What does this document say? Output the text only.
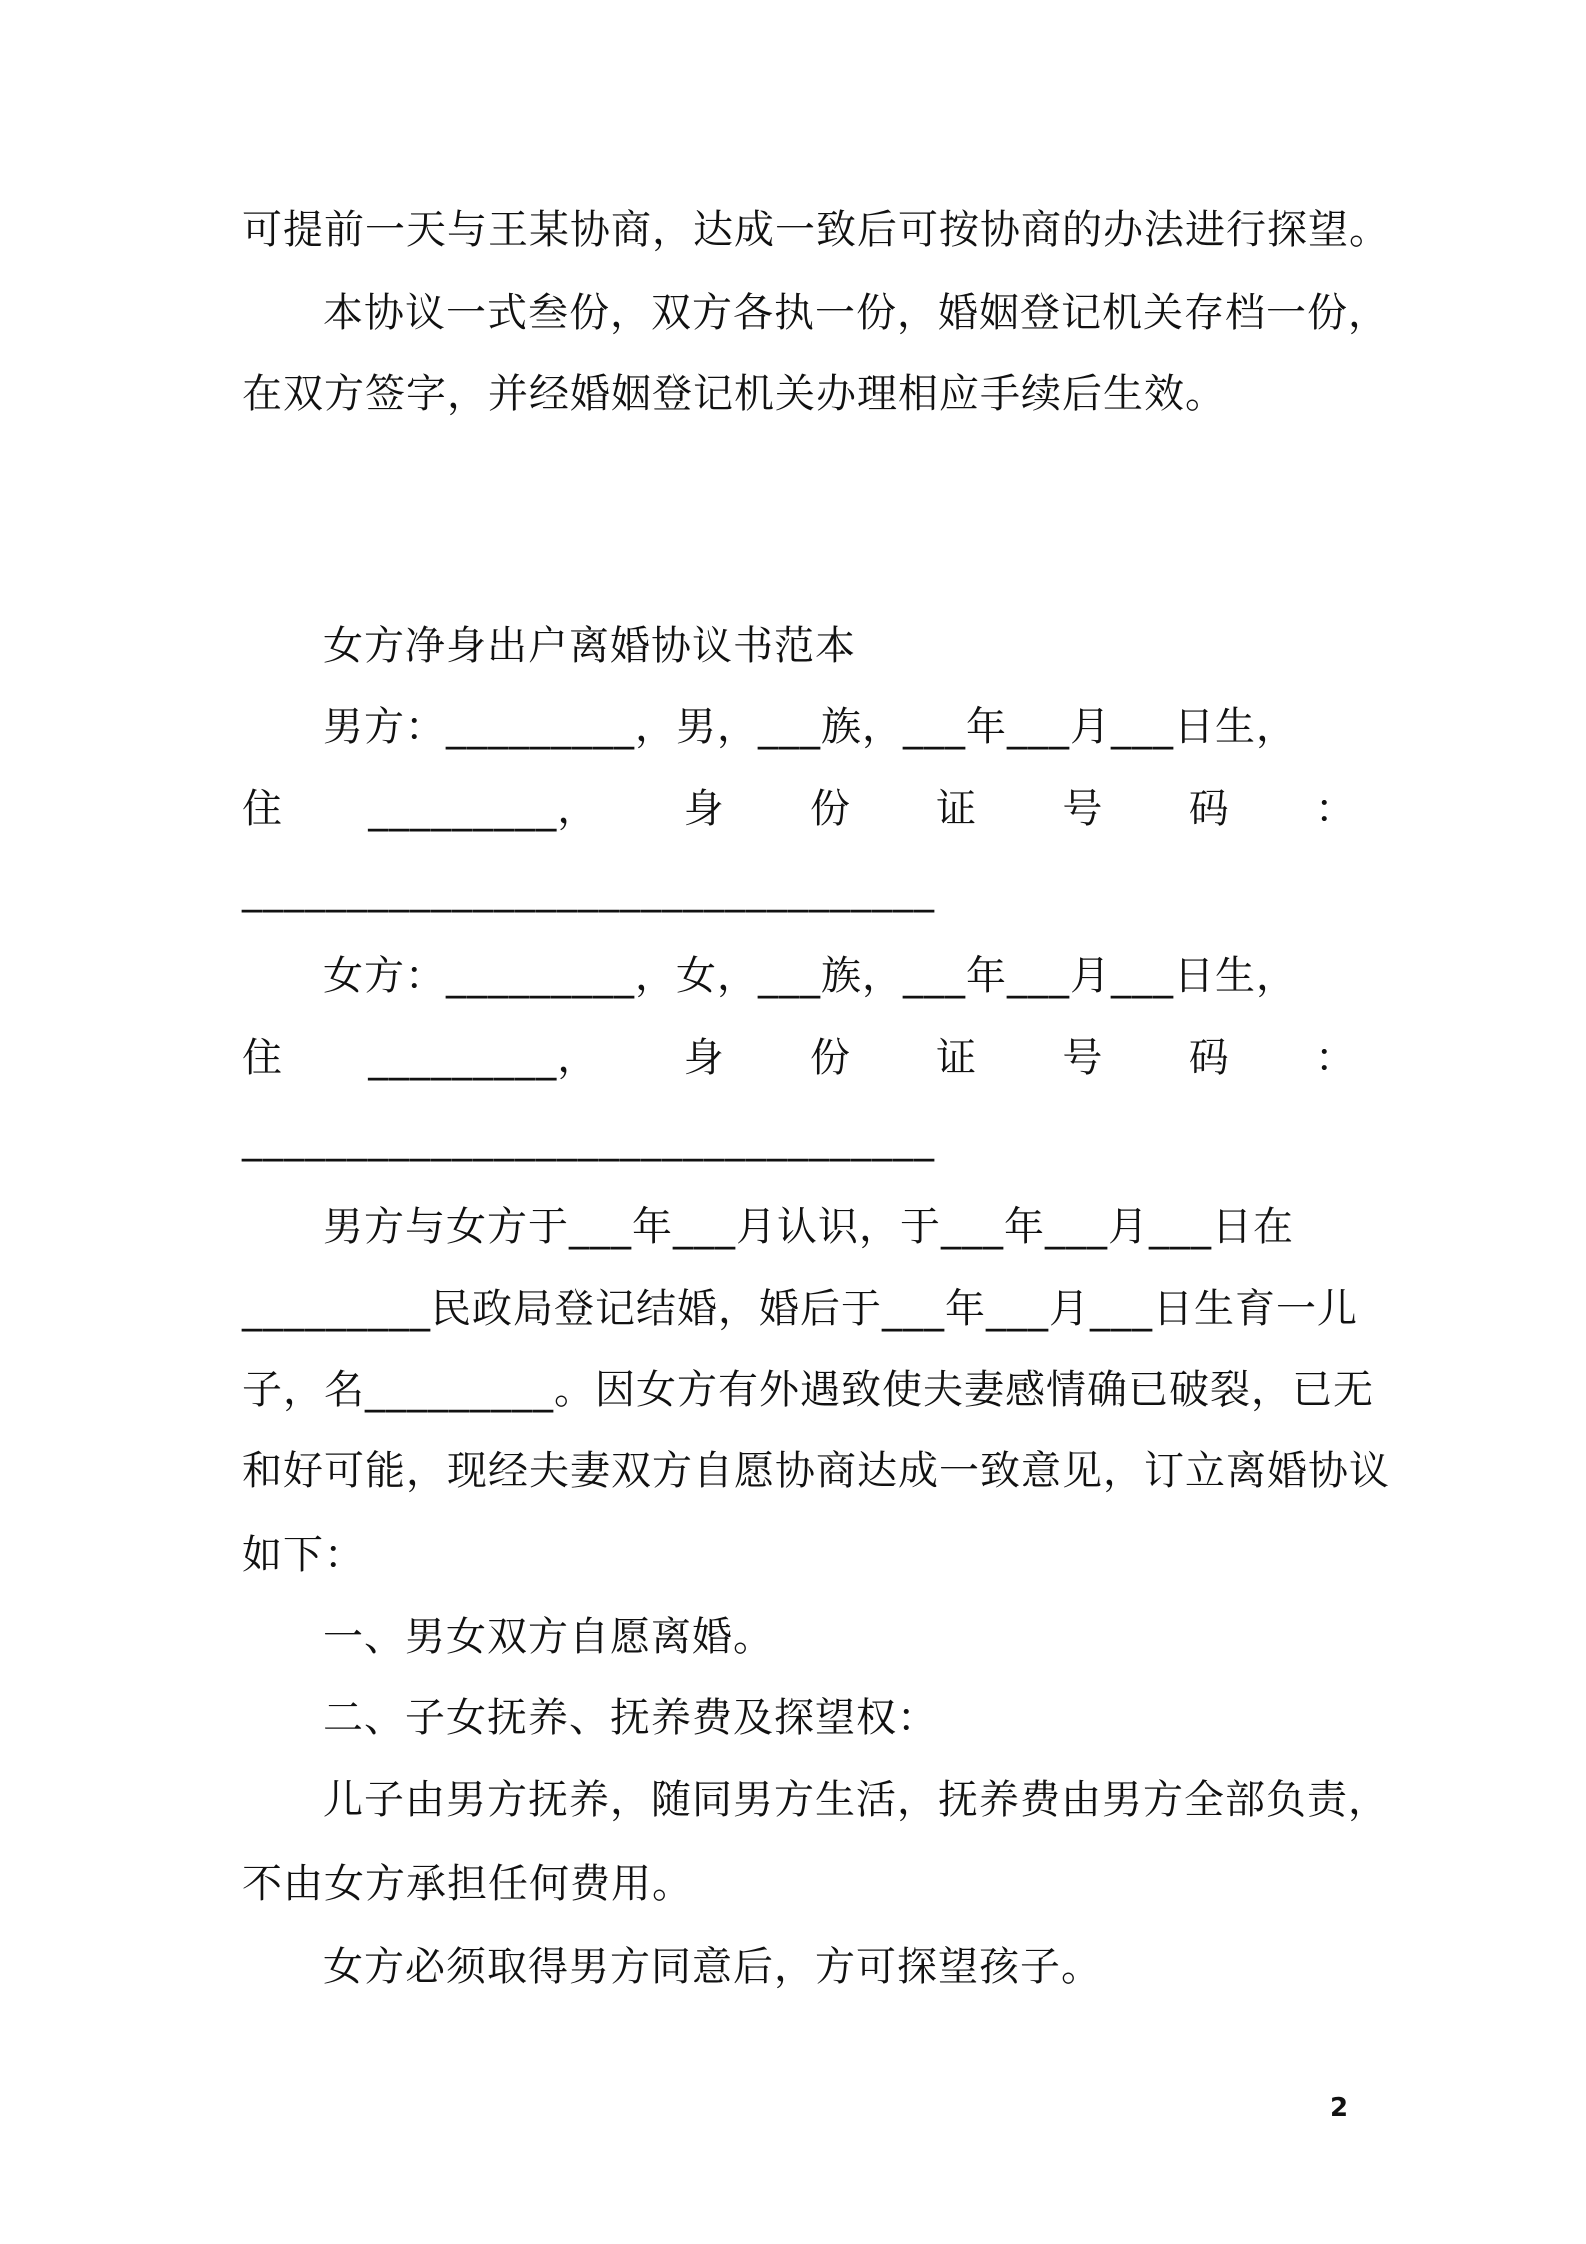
可提前一天与王某协商，达成一致后可按协商的办法进行探望。
本协议一式叁份，双方各执一份，婚姻登记机关存档一份，
在双方签字，并经婚姻登记机关办理相应手续后生效。
女方净身出户离婚协议书范本
男方：_________，男，___族，___年___月___日生，
住 _________， 身 份 证 号 码 ：
_________________________________
女方：_________，女，___族，___年___月___日生，
住 _________， 身 份 证 号 码 ：
_________________________________
男方与女方于___年___月认识，于___年___月___日在
_________民政局登记结婚，婚后于___年___月___日生育一儿
子，名_________。因女方有外遇致使夫妻感情确已破裂，已无
和好可能，现经夫妻双方自愿协商达成一致意见，订立离婚协议
如下：
一、男女双方自愿离婚。
二、子女抚养、抚养费及探望权：
儿子由男方抚养，随同男方生活，抚养费由男方全部负责，
不由女方承担任何费用。
女方必须取得男方同意后，方可探望孩子。
2
